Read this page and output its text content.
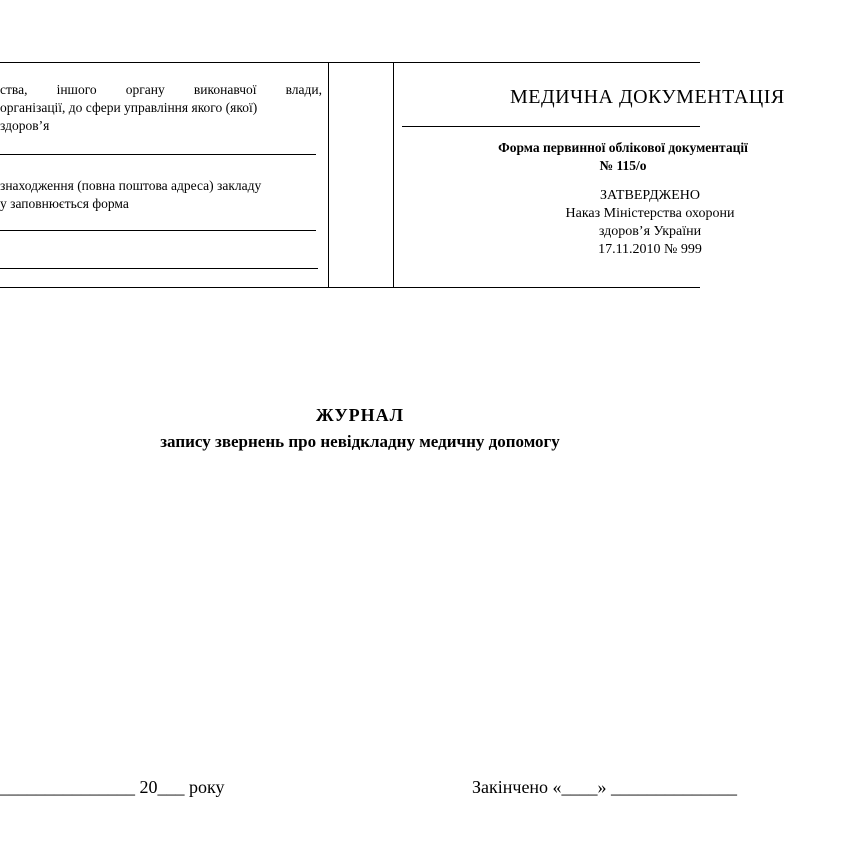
ства, іншого органу виконавчої влади,
організації, до сфери управління якого (якої)
здоров’я
знаходження (повна поштова адреса) закладу
у заповнюється форма
МЕДИЧНА ДОКУМЕНТАЦІЯ
Форма первинної облікової документації
№ 115/о
ЗАТВЕРДЖЕНО
Наказ Міністерства охорони
здоров’я України
17.11.2010 № 999
ЖУРНАЛ
запису звернень про невідкладну медичну допомогу
_______________ 20___ року	Закінчено «____» ______________
